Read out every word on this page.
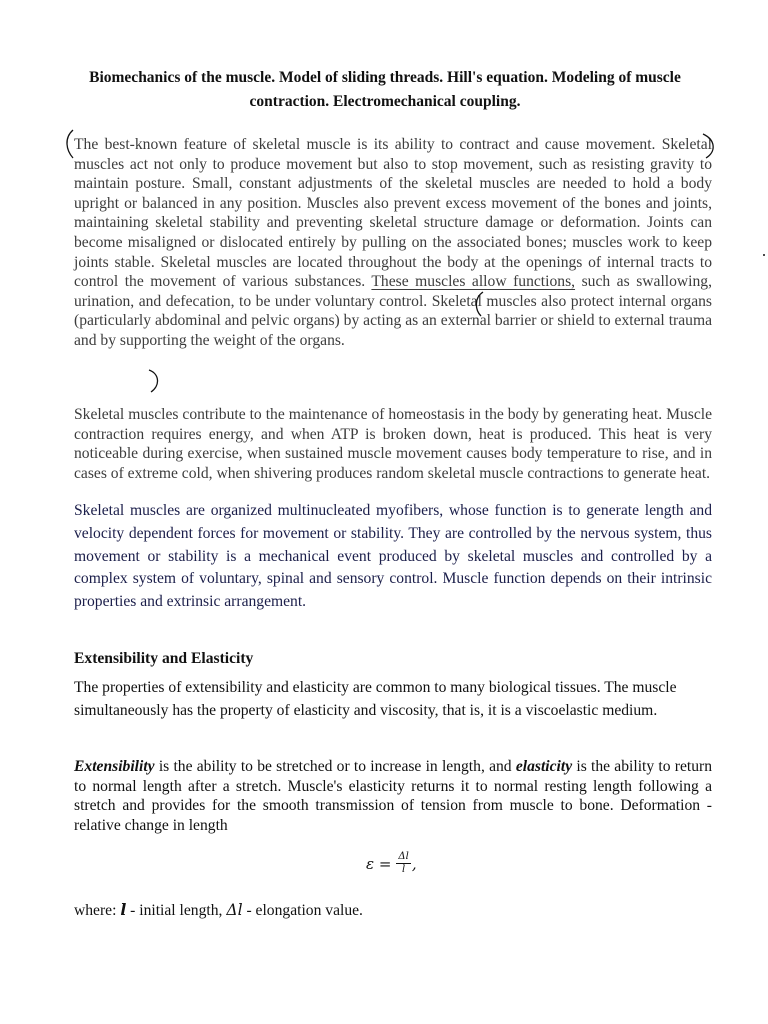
Biomechanics of the muscle. Model of sliding threads. Hill's equation. Modeling of muscle contraction. Electromechanical coupling.
The best-known feature of skeletal muscle is its ability to contract and cause movement. Skeletal muscles act not only to produce movement but also to stop movement, such as resisting gravity to maintain posture. Small, constant adjustments of the skeletal muscles are needed to hold a body upright or balanced in any position. Muscles also prevent excess movement of the bones and joints, maintaining skeletal stability and preventing skeletal structure damage or deformation. Joints can become misaligned or dislocated entirely by pulling on the associated bones; muscles work to keep joints stable. Skeletal muscles are located throughout the body at the openings of internal tracts to control the movement of various substances. These muscles allow functions, such as swallowing, urination, and defecation, to be under voluntary control. Skeletal muscles also protect internal organs (particularly abdominal and pelvic organs) by acting as an external barrier or shield to external trauma and by supporting the weight of the organs.
Skeletal muscles contribute to the maintenance of homeostasis in the body by generating heat. Muscle contraction requires energy, and when ATP is broken down, heat is produced. This heat is very noticeable during exercise, when sustained muscle movement causes body temperature to rise, and in cases of extreme cold, when shivering produces random skeletal muscle contractions to generate heat.
Skeletal muscles are organized multinucleated myofibers, whose function is to generate length and velocity dependent forces for movement or stability. They are controlled by the nervous system, thus movement or stability is a mechanical event produced by skeletal muscles and controlled by a complex system of voluntary, spinal and sensory control. Muscle function depends on their intrinsic properties and extrinsic arrangement.
Extensibility and Elasticity
The properties of extensibility and elasticity are common to many biological tissues. The muscle simultaneously has the property of elasticity and viscosity, that is, it is a viscoelastic medium.
Extensibility is the ability to be stretched or to increase in length, and elasticity is the ability to return to normal length after a stretch. Muscle's elasticity returns it to normal resting length following a stretch and provides for the smooth transmission of tension from muscle to bone. Deformation - relative change in length
$\varepsilon = \frac{\Delta l}{l}$ ,
where: l - initial length, Δl - elongation value.
